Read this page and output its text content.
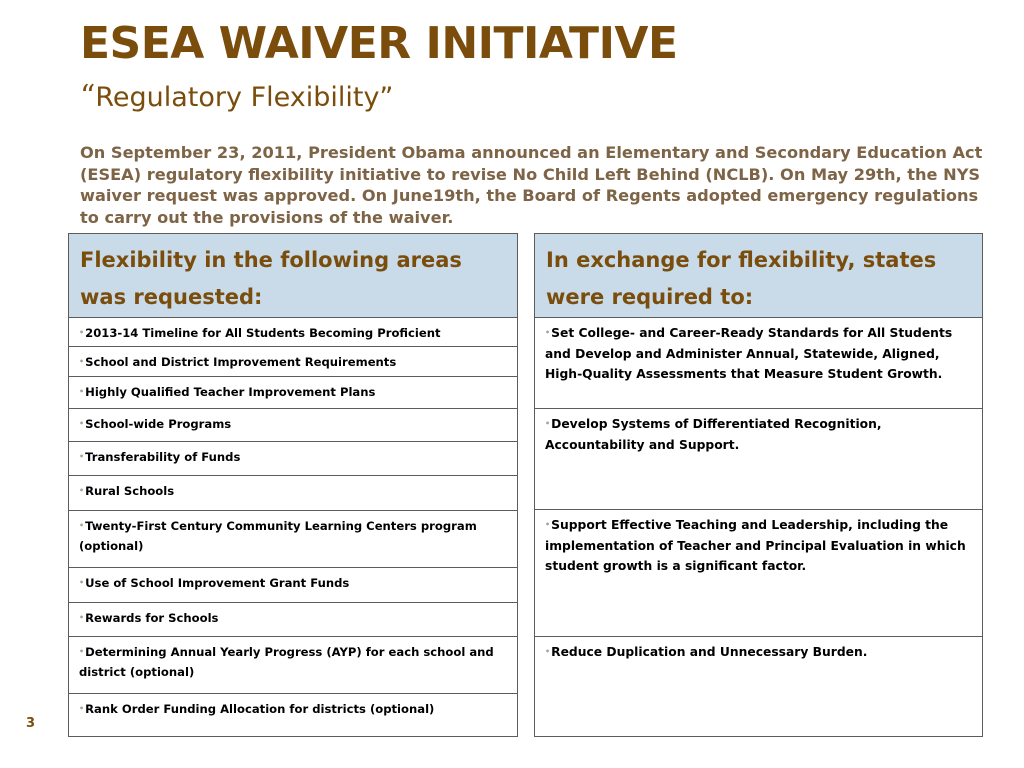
ESEA WAIVER INITIATIVE
“Regulatory Flexibility”

On September 23, 2011, President Obama announced an Elementary and Secondary Education Act (ESEA) regulatory flexibility initiative to revise No Child Left Behind (NCLB). On May 29th, the NYS waiver request was approved. On June19th, the Board of Regents adopted emergency regulations to carry out the provisions of the waiver.

Flexibility in the following areas was requested:
•2013-14 Timeline for All Students Becoming Proficient
•School and District Improvement Requirements
•Highly Qualified Teacher Improvement Plans
•School-wide Programs
•Transferability of Funds
•Rural Schools
•Twenty-First Century Community Learning Centers program (optional)
•Use of School Improvement Grant Funds
•Rewards for Schools
•Determining Annual Yearly Progress (AYP) for each school and district (optional)
•Rank Order Funding Allocation for districts (optional)
In exchange for flexibility, states were required to:
•Set College- and Career-Ready Standards for All Students and Develop and Administer Annual, Statewide, Aligned, High-Quality Assessments that Measure Student Growth.
•Develop Systems of Differentiated Recognition, Accountability and Support.
•Support Effective Teaching and Leadership, including the implementation of Teacher and Principal Evaluation in which student growth is a significant factor.
•Reduce Duplication and Unnecessary Burden.
3
